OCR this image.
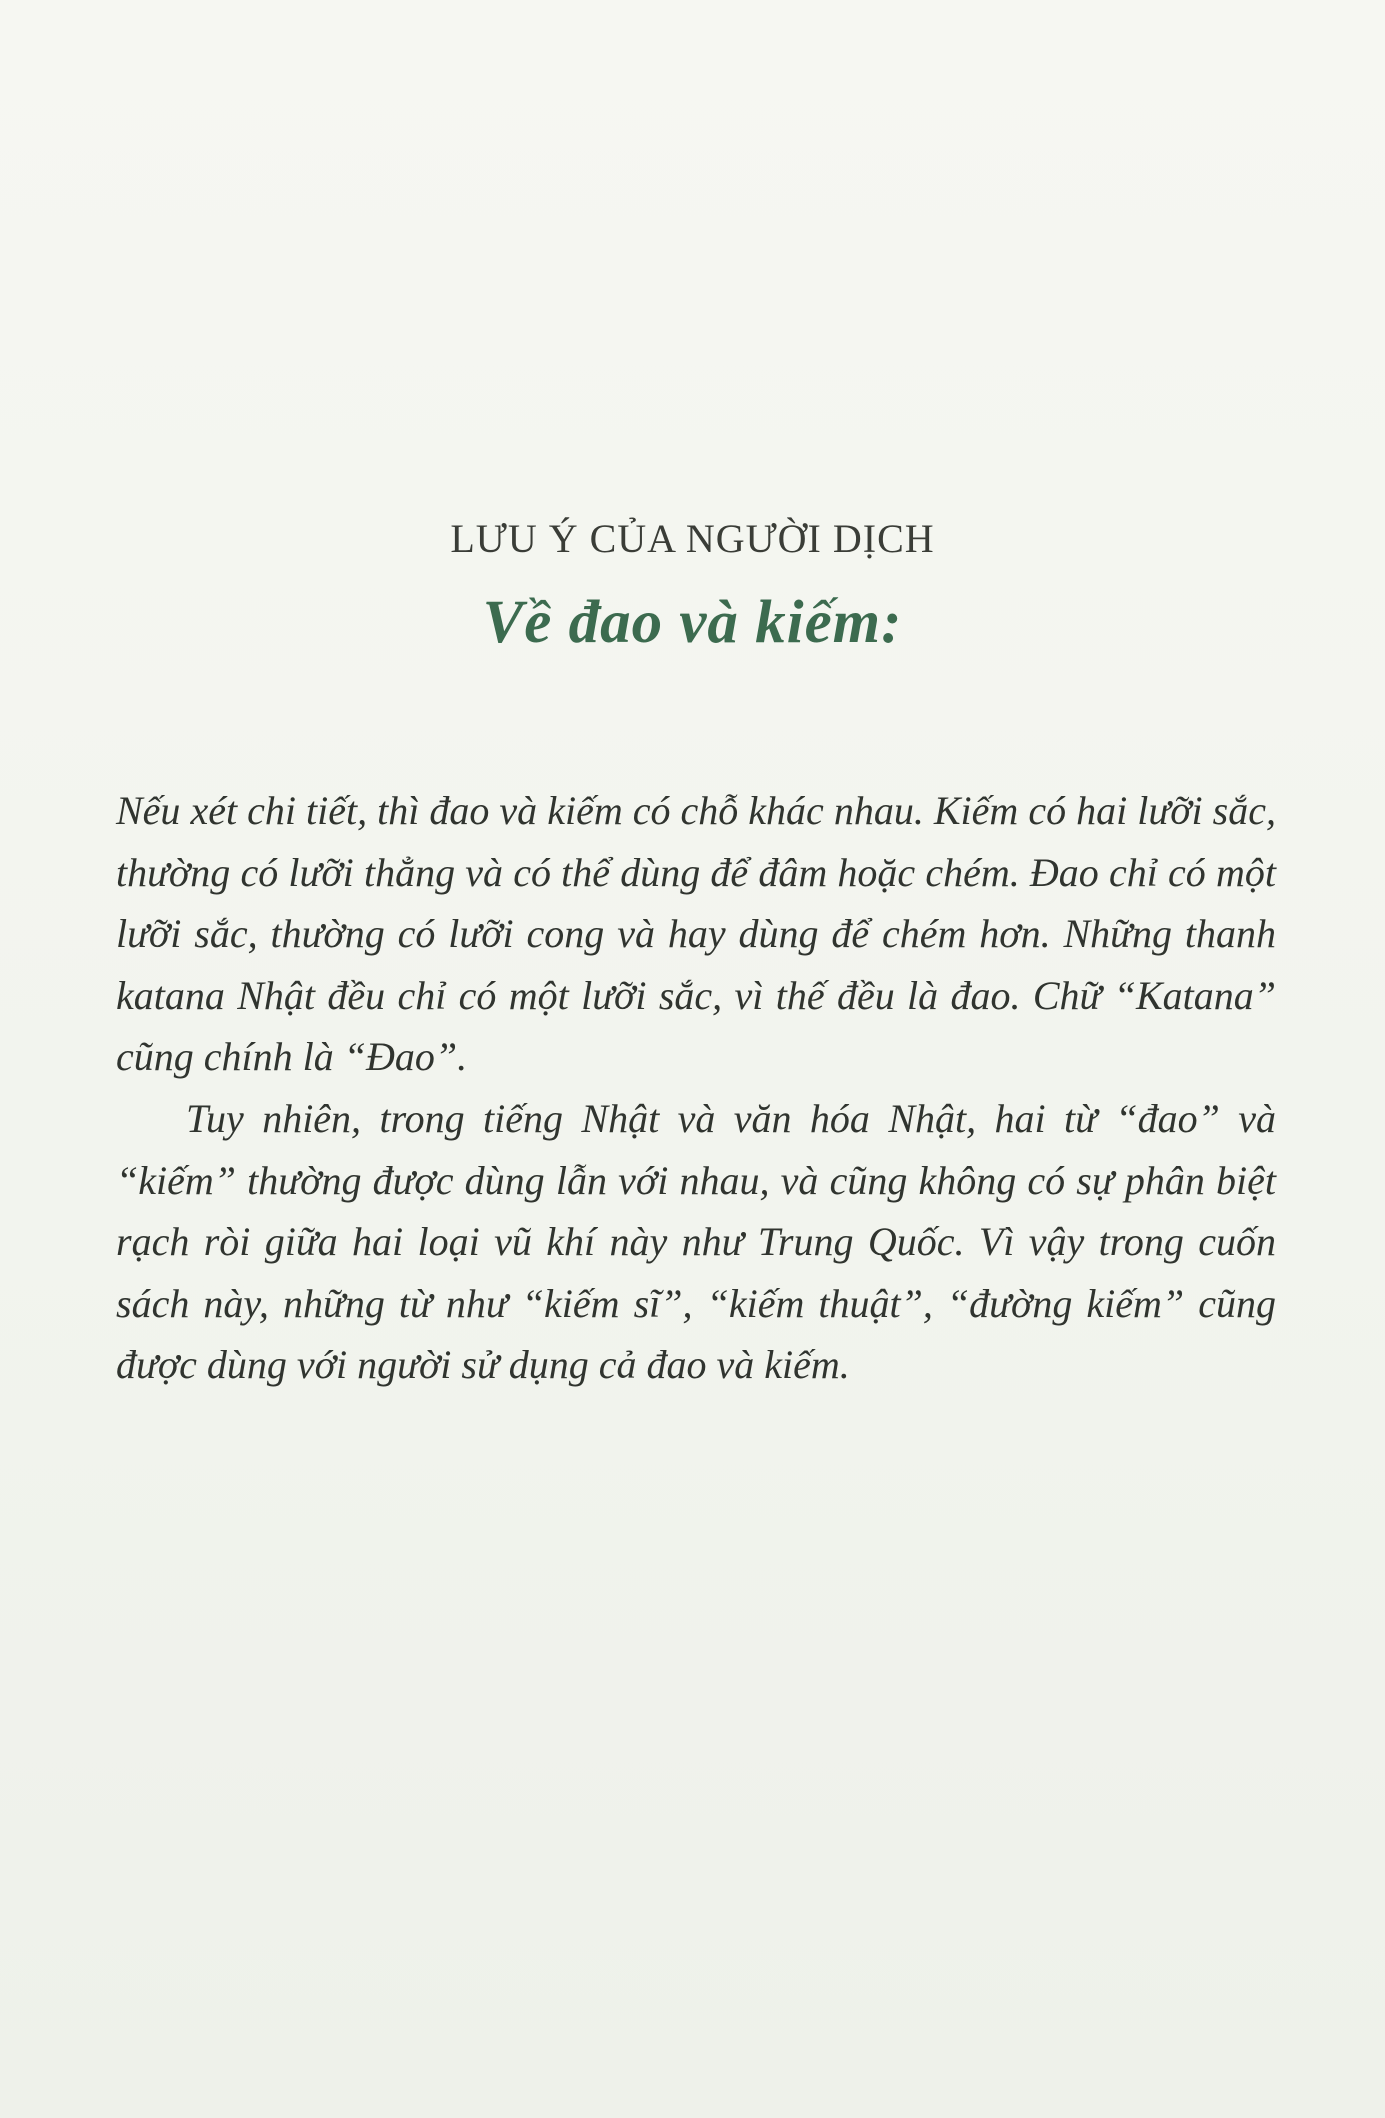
LƯU Ý CỦA NGƯỜI DỊCH
Về đao và kiếm:

Nếu xét chi tiết, thì đao và kiếm có chỗ khác nhau. Kiếm có hai lưỡi sắc, thường có lưỡi thẳng và có thể dùng để đâm hoặc chém. Đao chỉ có một lưỡi sắc, thường có lưỡi cong và hay dùng để chém hơn. Những thanh katana Nhật đều chỉ có một lưỡi sắc, vì thế đều là đao. Chữ “Katana” cũng chính là “Đao”.

Tuy nhiên, trong tiếng Nhật và văn hóa Nhật, hai từ “đao” và “kiếm” thường được dùng lẫn với nhau, và cũng không có sự phân biệt rạch ròi giữa hai loại vũ khí này như Trung Quốc. Vì vậy trong cuốn sách này, những từ như “kiếm sĩ”, “kiếm thuật”, “đường kiếm” cũng được dùng với người sử dụng cả đao và kiếm.
